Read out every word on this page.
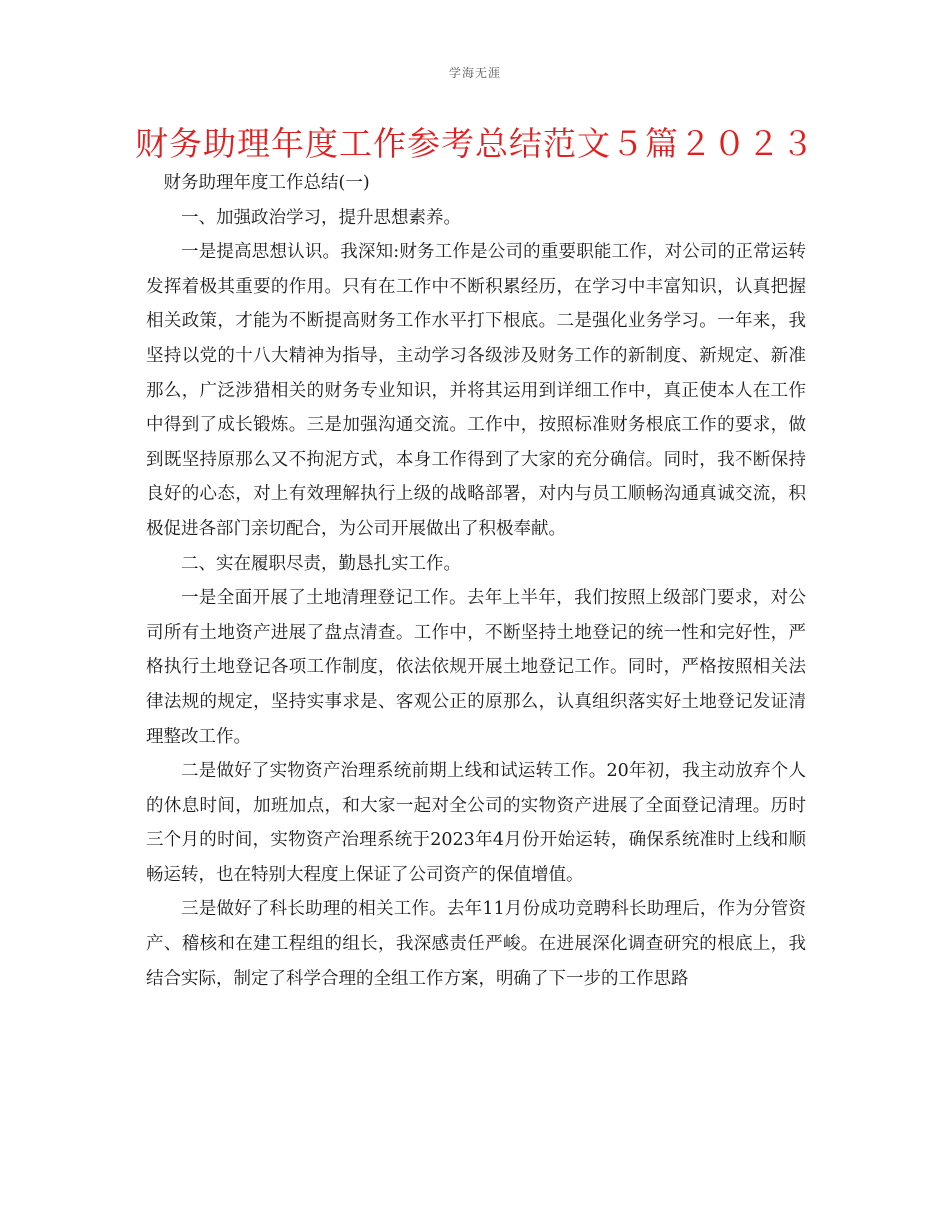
学海无涯
财务助理年度工作参考总结范文５篇２０２３

财务助理年度工作总结(一)

一、加强政治学习，提升思想素养。

一是提高思想认识。我深知:财务工作是公司的重要职能工作，对公司的正常运转发挥着极其重要的作用。只有在工作中不断积累经历，在学习中丰富知识，认真把握相关政策，才能为不断提高财务工作水平打下根底。二是强化业务学习。一年来，我坚持以党的十八大精神为指导，主动学习各级涉及财务工作的新制度、新规定、新准那么，广泛涉猎相关的财务专业知识，并将其运用到详细工作中，真正使本人在工作中得到了成长锻炼。三是加强沟通交流。工作中，按照标准财务根底工作的要求，做到既坚持原那么又不拘泥方式，本身工作得到了大家的充分确信。同时，我不断保持良好的心态，对上有效理解执行上级的战略部署，对内与员工顺畅沟通真诚交流，积极促进各部门亲切配合，为公司开展做出了积极奉献。

二、实在履职尽责，勤恳扎实工作。

一是全面开展了土地清理登记工作。去年上半年，我们按照上级部门要求，对公司所有土地资产进展了盘点清查。工作中，不断坚持土地登记的统一性和完好性，严格执行土地登记各项工作制度，依法依规开展土地登记工作。同时，严格按照相关法律法规的规定，坚持实事求是、客观公正的原那么，认真组织落实好土地登记发证清理整改工作。

二是做好了实物资产治理系统前期上线和试运转工作。20年初，我主动放弃个人的休息时间，加班加点，和大家一起对全公司的实物资产进展了全面登记清理。历时三个月的时间，实物资产治理系统于2023年4月份开始运转，确保系统准时上线和顺畅运转，也在特别大程度上保证了公司资产的保值增值。

三是做好了科长助理的相关工作。去年11月份成功竞聘科长助理后，作为分管资产、稽核和在建工程组的组长，我深感责任严峻。在进展深化调查研究的根底上，我结合实际，制定了科学合理的全组工作方案，明确了下一步的工作思路
